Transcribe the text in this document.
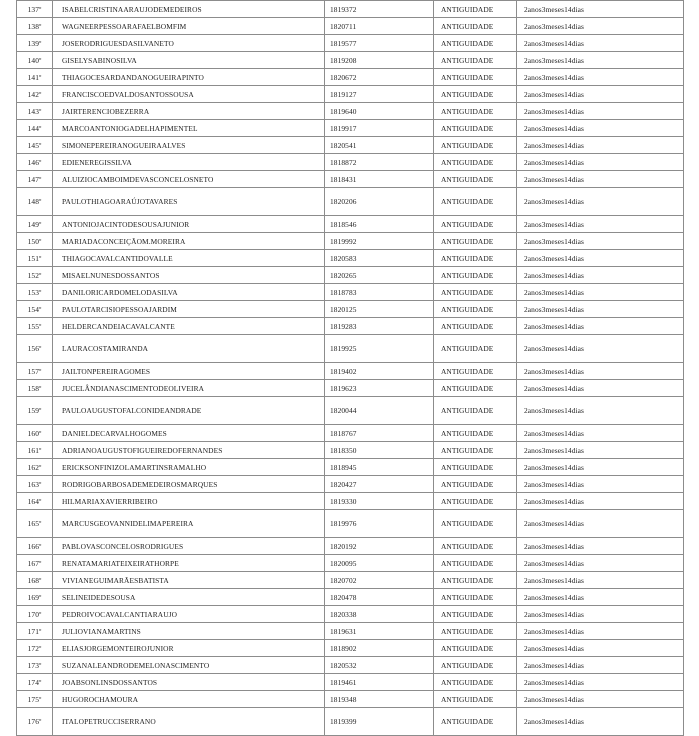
137º	ISABELCRISTINAARAUJODEMEDEIROS	1819372	ANTIGUIDADE	2anos3meses14dias
138º	WAGNEERPESSOARAFAELBOMFIM	1820711	ANTIGUIDADE	2anos3meses14dias
139º	JOSERODRIGUESDASILVANETO	1819577	ANTIGUIDADE	2anos3meses14dias
140º	GISELYSABINOSILVA	1819208	ANTIGUIDADE	2anos3meses14dias
141º	THIAGOCESARDANDANOGUEIRAPINTO	1820672	ANTIGUIDADE	2anos3meses14dias
142º	FRANCISCOEDVALDOSANTOSSOUSA	1819127	ANTIGUIDADE	2anos3meses14dias
143º	JAIRTERENCIOBEZERRA	1819640	ANTIGUIDADE	2anos3meses14dias
144º	MARCOANTONIOGADELHAPIMENTEL	1819917	ANTIGUIDADE	2anos3meses14dias
145º	SIMONEPEREIRANOGUEIRAALVES	1820541	ANTIGUIDADE	2anos3meses14dias
146º	EDIENEREGISSILVA	1818872	ANTIGUIDADE	2anos3meses14dias
147º	ALUIZIOCAMBOIMDEVASCONCELOSNETO	1818431	ANTIGUIDADE	2anos3meses14dias
148º	PAULOTHIAGOARAÚJOTAVARES	1820206	ANTIGUIDADE	2anos3meses14dias
149º	ANTONIOJACINTODESOUSAJUNIOR	1818546	ANTIGUIDADE	2anos3meses14dias
150º	MARIADACONCEIÇÃOM.MOREIRA	1819992	ANTIGUIDADE	2anos3meses14dias
151º	THIAGOCAVALCANTIDOVALLE	1820583	ANTIGUIDADE	2anos3meses14dias
152º	MISAELNUNESDOSSANTOS	1820265	ANTIGUIDADE	2anos3meses14dias
153º	DANILORICARDOMELODASILVA	1818783	ANTIGUIDADE	2anos3meses14dias
154º	PAULOTARCISIOPESSOAJARDIM	1820125	ANTIGUIDADE	2anos3meses14dias
155º	HELDERCANDEIACAVALCANTE	1819283	ANTIGUIDADE	2anos3meses14dias
156º	LAURACOSTAMIRANDA	1819925	ANTIGUIDADE	2anos3meses14dias
157º	JAILTONPEREIRAGOMES	1819402	ANTIGUIDADE	2anos3meses14dias
158º	JUCELÂNDIANASCIMENTODEOLIVEIRA	1819623	ANTIGUIDADE	2anos3meses14dias
159º	PAULOAUGUSTOFALCONIDEANDRADE	1820044	ANTIGUIDADE	2anos3meses14dias
160º	DANIELDECARVALHOGOMES	1818767	ANTIGUIDADE	2anos3meses14dias
161º	ADRIANOAUGUSTOFIGUEIREDOFERNANDES	1818350	ANTIGUIDADE	2anos3meses14dias
162º	ERICKSONFINIZOLAMARTINSRAMALHO	1818945	ANTIGUIDADE	2anos3meses14dias
163º	RODRIGOBARBOSADEMEDEIROSMARQUES	1820427	ANTIGUIDADE	2anos3meses14dias
164º	HILMARIAXAVIERRIBEIRO	1819330	ANTIGUIDADE	2anos3meses14dias
165º	MARCUSGEOVANNIDELIMAPEREIRA	1819976	ANTIGUIDADE	2anos3meses14dias
166º	PABLOVASCONCELOSRODRIGUES	1820192	ANTIGUIDADE	2anos3meses14dias
167º	RENATAMARIATEIXEIRATHORPE	1820095	ANTIGUIDADE	2anos3meses14dias
168º	VIVIANEGUIMARÃESBATISTA	1820702	ANTIGUIDADE	2anos3meses14dias
169º	SELINEIDEDESOUSA	1820478	ANTIGUIDADE	2anos3meses14dias
170º	PEDROIVOCAVALCANTIARAUJO	1820338	ANTIGUIDADE	2anos3meses14dias
171º	JULIOVIANAMARTINS	1819631	ANTIGUIDADE	2anos3meses14dias
172º	ELIASJORGEMONTEIROJUNIOR	1818902	ANTIGUIDADE	2anos3meses14dias
173º	SUZANALEANDRODEMELONASCIMENTO	1820532	ANTIGUIDADE	2anos3meses14dias
174º	JOABSONLINSDOSSANTOS	1819461	ANTIGUIDADE	2anos3meses14dias
175º	HUGOROCHAMOURA	1819348	ANTIGUIDADE	2anos3meses14dias
176º	ITALOPETRUCCISERRANO	1819399	ANTIGUIDADE	2anos3meses14dias
